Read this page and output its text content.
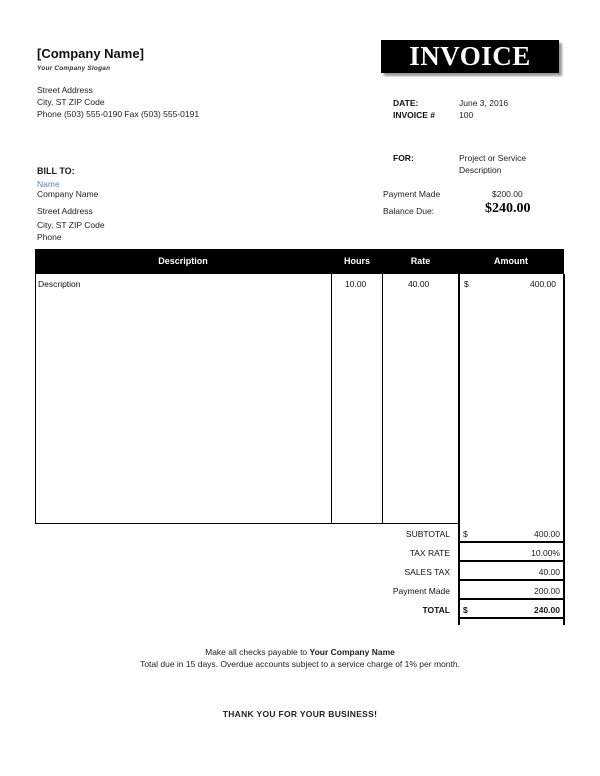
[Company Name]
Your Company Slogan
Street Address
City, ST ZIP Code
Phone (503) 555-0190 Fax (503) 555-0191
INVOICE
DATE:	June 3, 2016
INVOICE #	100
FOR:	Project or Service
Description
Payment Made	$200.00
Balance Due:	$240.00
BILL TO:
Name
Company Name
Street Address
City, ST ZIP Code
Phone
Description	Hours	Rate	Amount
Description	10.00	40.00	$	400.00
SUBTOTAL $	400.00
TAX RATE	10.00%
SALES TAX	40.00
Payment Made	200.00
TOTAL $	240.00
Make all checks payable to Your Company Name
Total due in 15 days. Overdue accounts subject to a service charge of 1% per month.
THANK YOU FOR YOUR BUSINESS!
